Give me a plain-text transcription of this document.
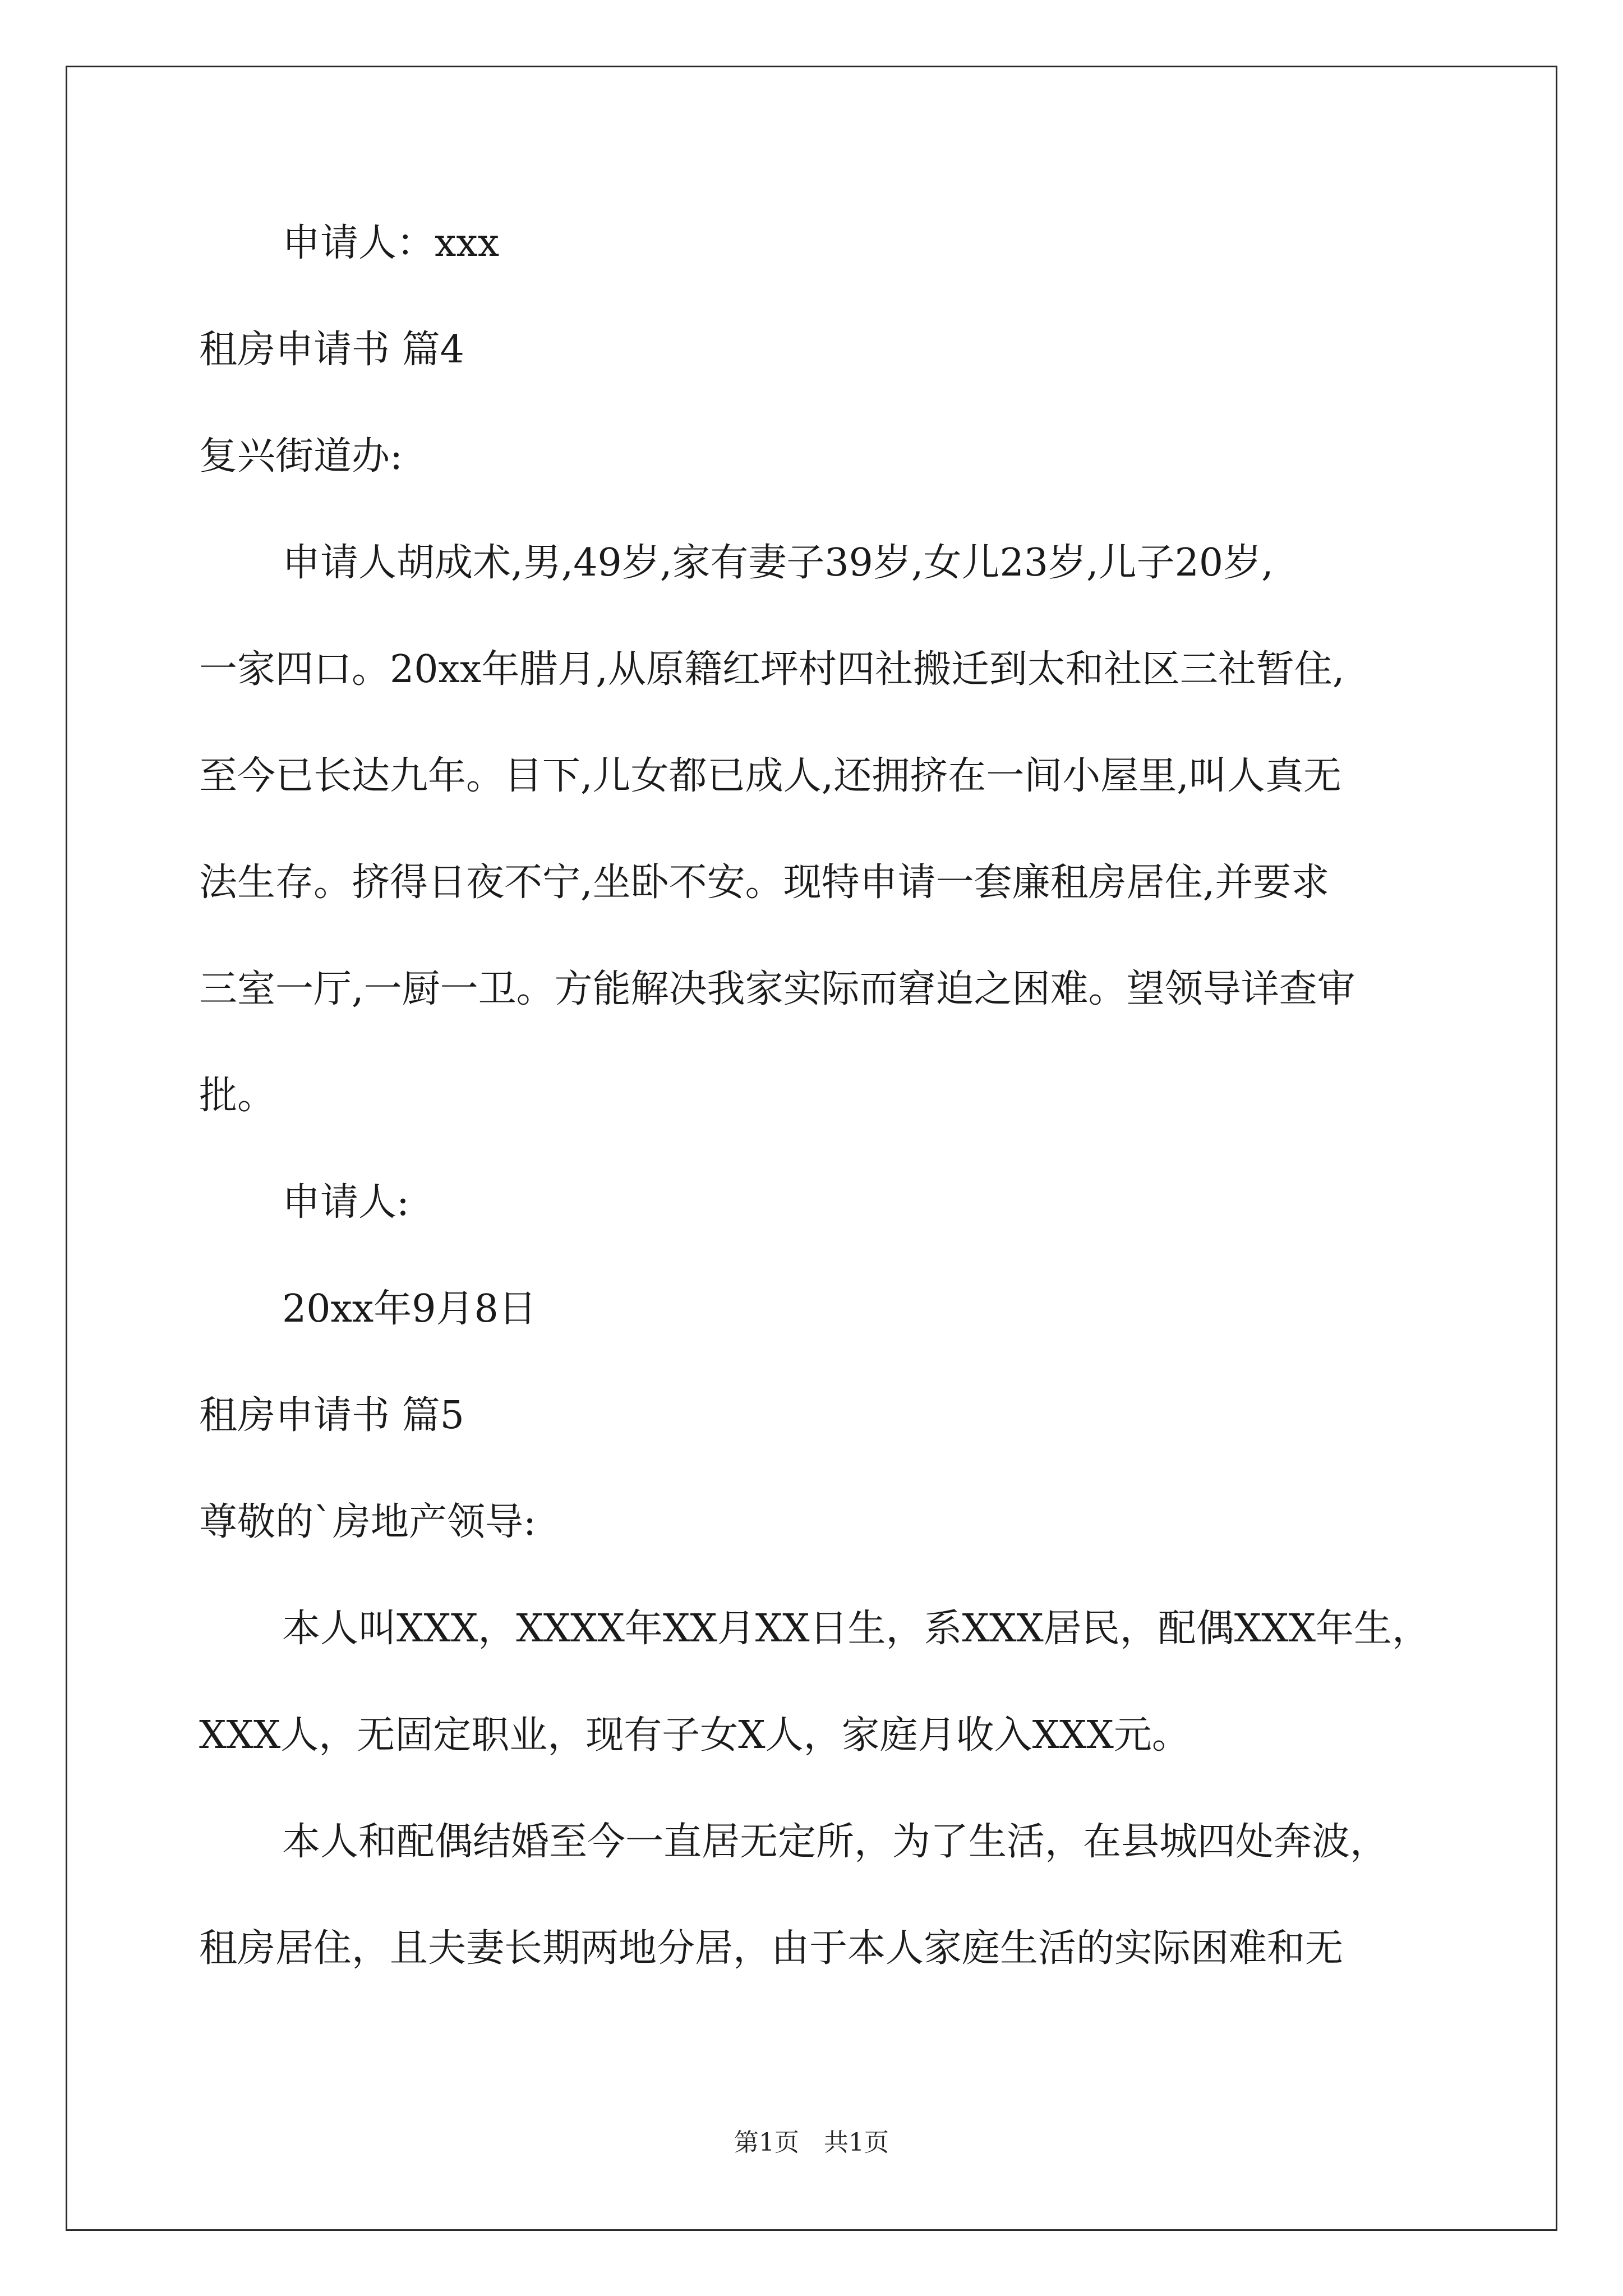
申请人：xxx
租房申请书 篇4
复兴街道办:
申请人胡成术,男,49岁,家有妻子39岁,女儿23岁,儿子20岁,
一家四口。20xx年腊月,从原籍红坪村四社搬迁到太和社区三社暂住,
至今已长达九年。目下,儿女都已成人,还拥挤在一间小屋里,叫人真无
法生存。挤得日夜不宁,坐卧不安。现特申请一套廉租房居住,并要求
三室一厅,一厨一卫。方能解决我家实际而窘迫之困难。望领导详查审
批。
申请人:
20xx年9月8日
租房申请书 篇5
尊敬的`房地产领导:
本人叫XXX，XXXX年XX月XX日生，系XXX居民，配偶XXX年生，
XXX人，无固定职业，现有子女X人，家庭月收入XXX元。
本人和配偶结婚至今一直居无定所，为了生活，在县城四处奔波，
租房居住，且夫妻长期两地分居，由于本人家庭生活的实际困难和无
第1页　共1页
